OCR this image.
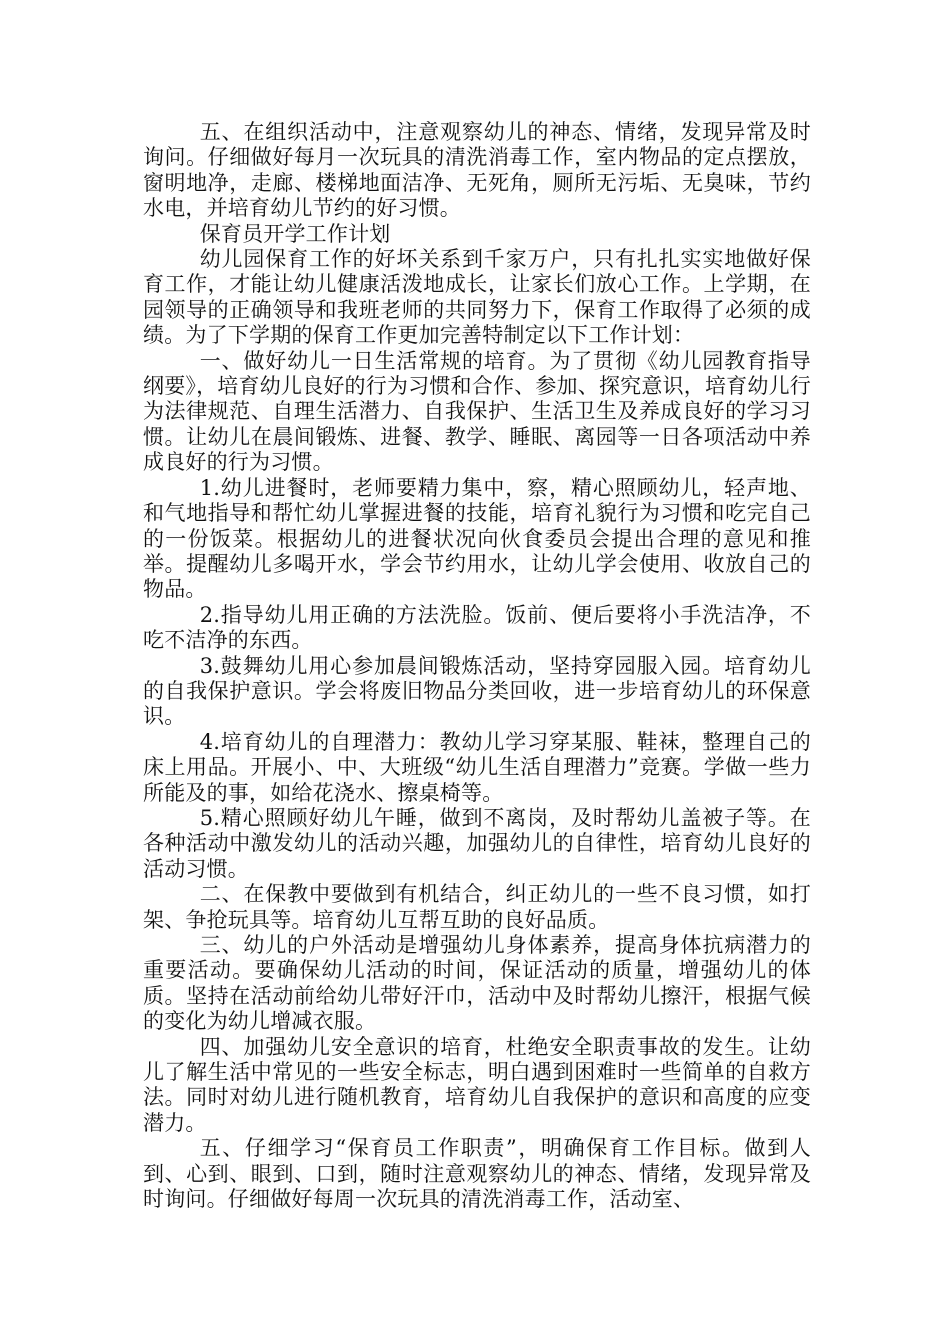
五、在组织活动中，注意观察幼儿的神态、情绪，发现异常及时询问。仔细做好每月一次玩具的清洗消毒工作，室内物品的定点摆放，窗明地净，走廊、楼梯地面洁净、无死角，厕所无污垢、无臭味，节约水电，并培育幼儿节约的好习惯。

保育员开学工作计划

幼儿园保育工作的好坏关系到千家万户，只有扎扎实实地做好保育工作，才能让幼儿健康活泼地成长，让家长们放心工作。上学期，在园领导的正确领导和我班老师的共同努力下，保育工作取得了必须的成绩。为了下学期的保育工作更加完善特制定以下工作计划：

一、做好幼儿一日生活常规的培育。为了贯彻《幼儿园教育指导纲要》，培育幼儿良好的行为习惯和合作、参加、探究意识，培育幼儿行为法律规范、自理生活潜力、自我保护、生活卫生及养成良好的学习习惯。让幼儿在晨间锻炼、进餐、教学、睡眠、离园等一日各项活动中养成良好的行为习惯。

1.幼儿进餐时，老师要精力集中，察，精心照顾幼儿，轻声地、和气地指导和帮忙幼儿掌握进餐的技能，培育礼貌行为习惯和吃完自己的一份饭菜。根据幼儿的进餐状况向伙食委员会提出合理的意见和推举。提醒幼儿多喝开水，学会节约用水，让幼儿学会使用、收放自己的物品。

2.指导幼儿用正确的方法洗脸。饭前、便后要将小手洗洁净，不吃不洁净的东西。

3.鼓舞幼儿用心参加晨间锻炼活动，坚持穿园服入园。培育幼儿的自我保护意识。学会将废旧物品分类回收，进一步培育幼儿的环保意识。

4.培育幼儿的自理潜力：教幼儿学习穿某服、鞋袜，整理自己的床上用品。开展小、中、大班级“幼儿生活自理潜力”竞赛。学做一些力所能及的事，如给花浇水、擦桌椅等。

5.精心照顾好幼儿午睡，做到不离岗，及时帮幼儿盖被子等。在各种活动中激发幼儿的活动兴趣，加强幼儿的自律性，培育幼儿良好的活动习惯。

二、在保教中要做到有机结合，纠正幼儿的一些不良习惯，如打架、争抢玩具等。培育幼儿互帮互助的良好品质。

三、幼儿的户外活动是增强幼儿身体素养，提高身体抗病潜力的重要活动。要确保幼儿活动的时间，保证活动的质量，增强幼儿的体质。坚持在活动前给幼儿带好汗巾，活动中及时帮幼儿擦汗，根据气候的变化为幼儿增减衣服。

四、加强幼儿安全意识的培育，杜绝安全职责事故的发生。让幼儿了解生活中常见的一些安全标志，明白遇到困难时一些简单的自救方法。同时对幼儿进行随机教育，培育幼儿自我保护的意识和高度的应变潜力。

五、仔细学习“保育员工作职责”，明确保育工作目标。做到人到、心到、眼到、口到，随时注意观察幼儿的神态、情绪，发现异常及时询问。仔细做好每周一次玩具的清洗消毒工作，活动室、
